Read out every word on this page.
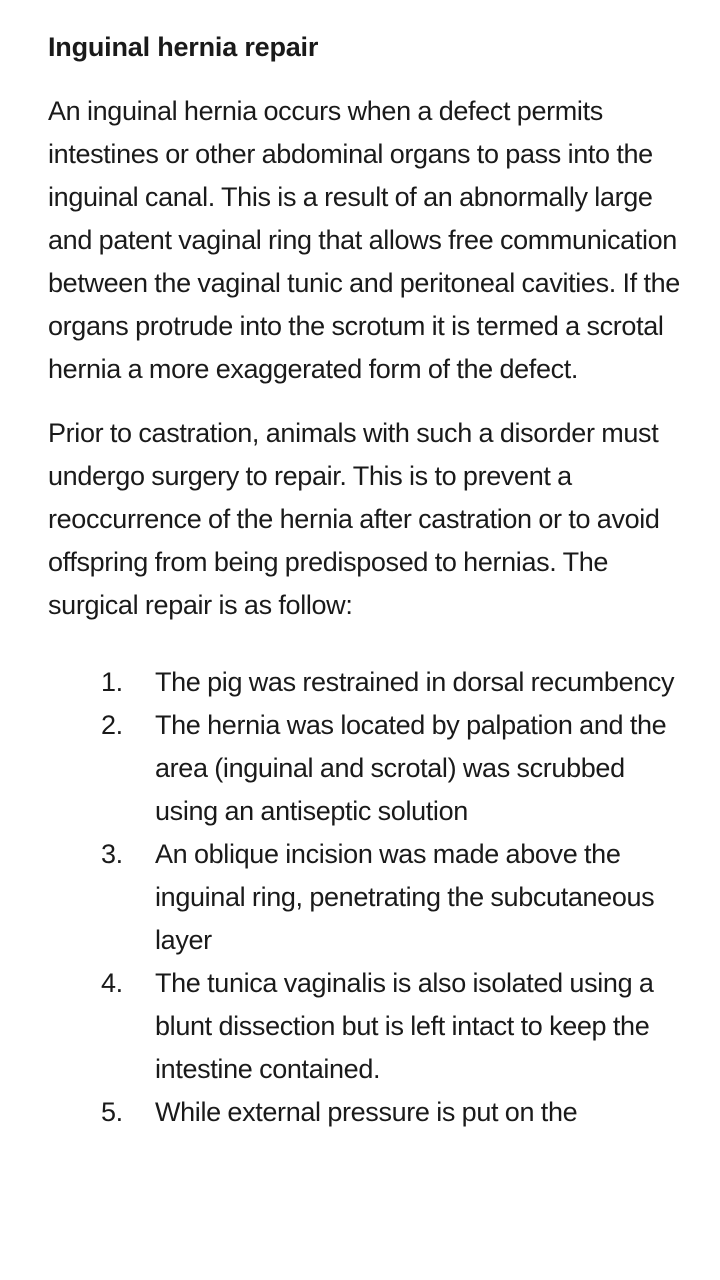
Inguinal hernia repair

An inguinal hernia occurs when a defect permits intestines or other abdominal organs to pass into the inguinal canal. This is a result of an abnormally large and patent vaginal ring that allows free communication between the vaginal tunic and peritoneal cavities. If the organs protrude into the scrotum it is termed a scrotal hernia a more exaggerated form of the defect.

Prior to castration, animals with such a disorder must undergo surgery to repair. This is to prevent a reoccurrence of the hernia after castration or to avoid offspring from being predisposed to hernias. The surgical repair is as follow:

1.	The pig was restrained in dorsal recumbency
2.	The hernia was located by palpation and the area (inguinal and scrotal) was scrubbed using an antiseptic solution
3.	An oblique incision was made above the inguinal ring, penetrating the subcutaneous layer
4.	The tunica vaginalis is also isolated using a blunt dissection but is left intact to keep the intestine contained.
5.	While external pressure is put on the
